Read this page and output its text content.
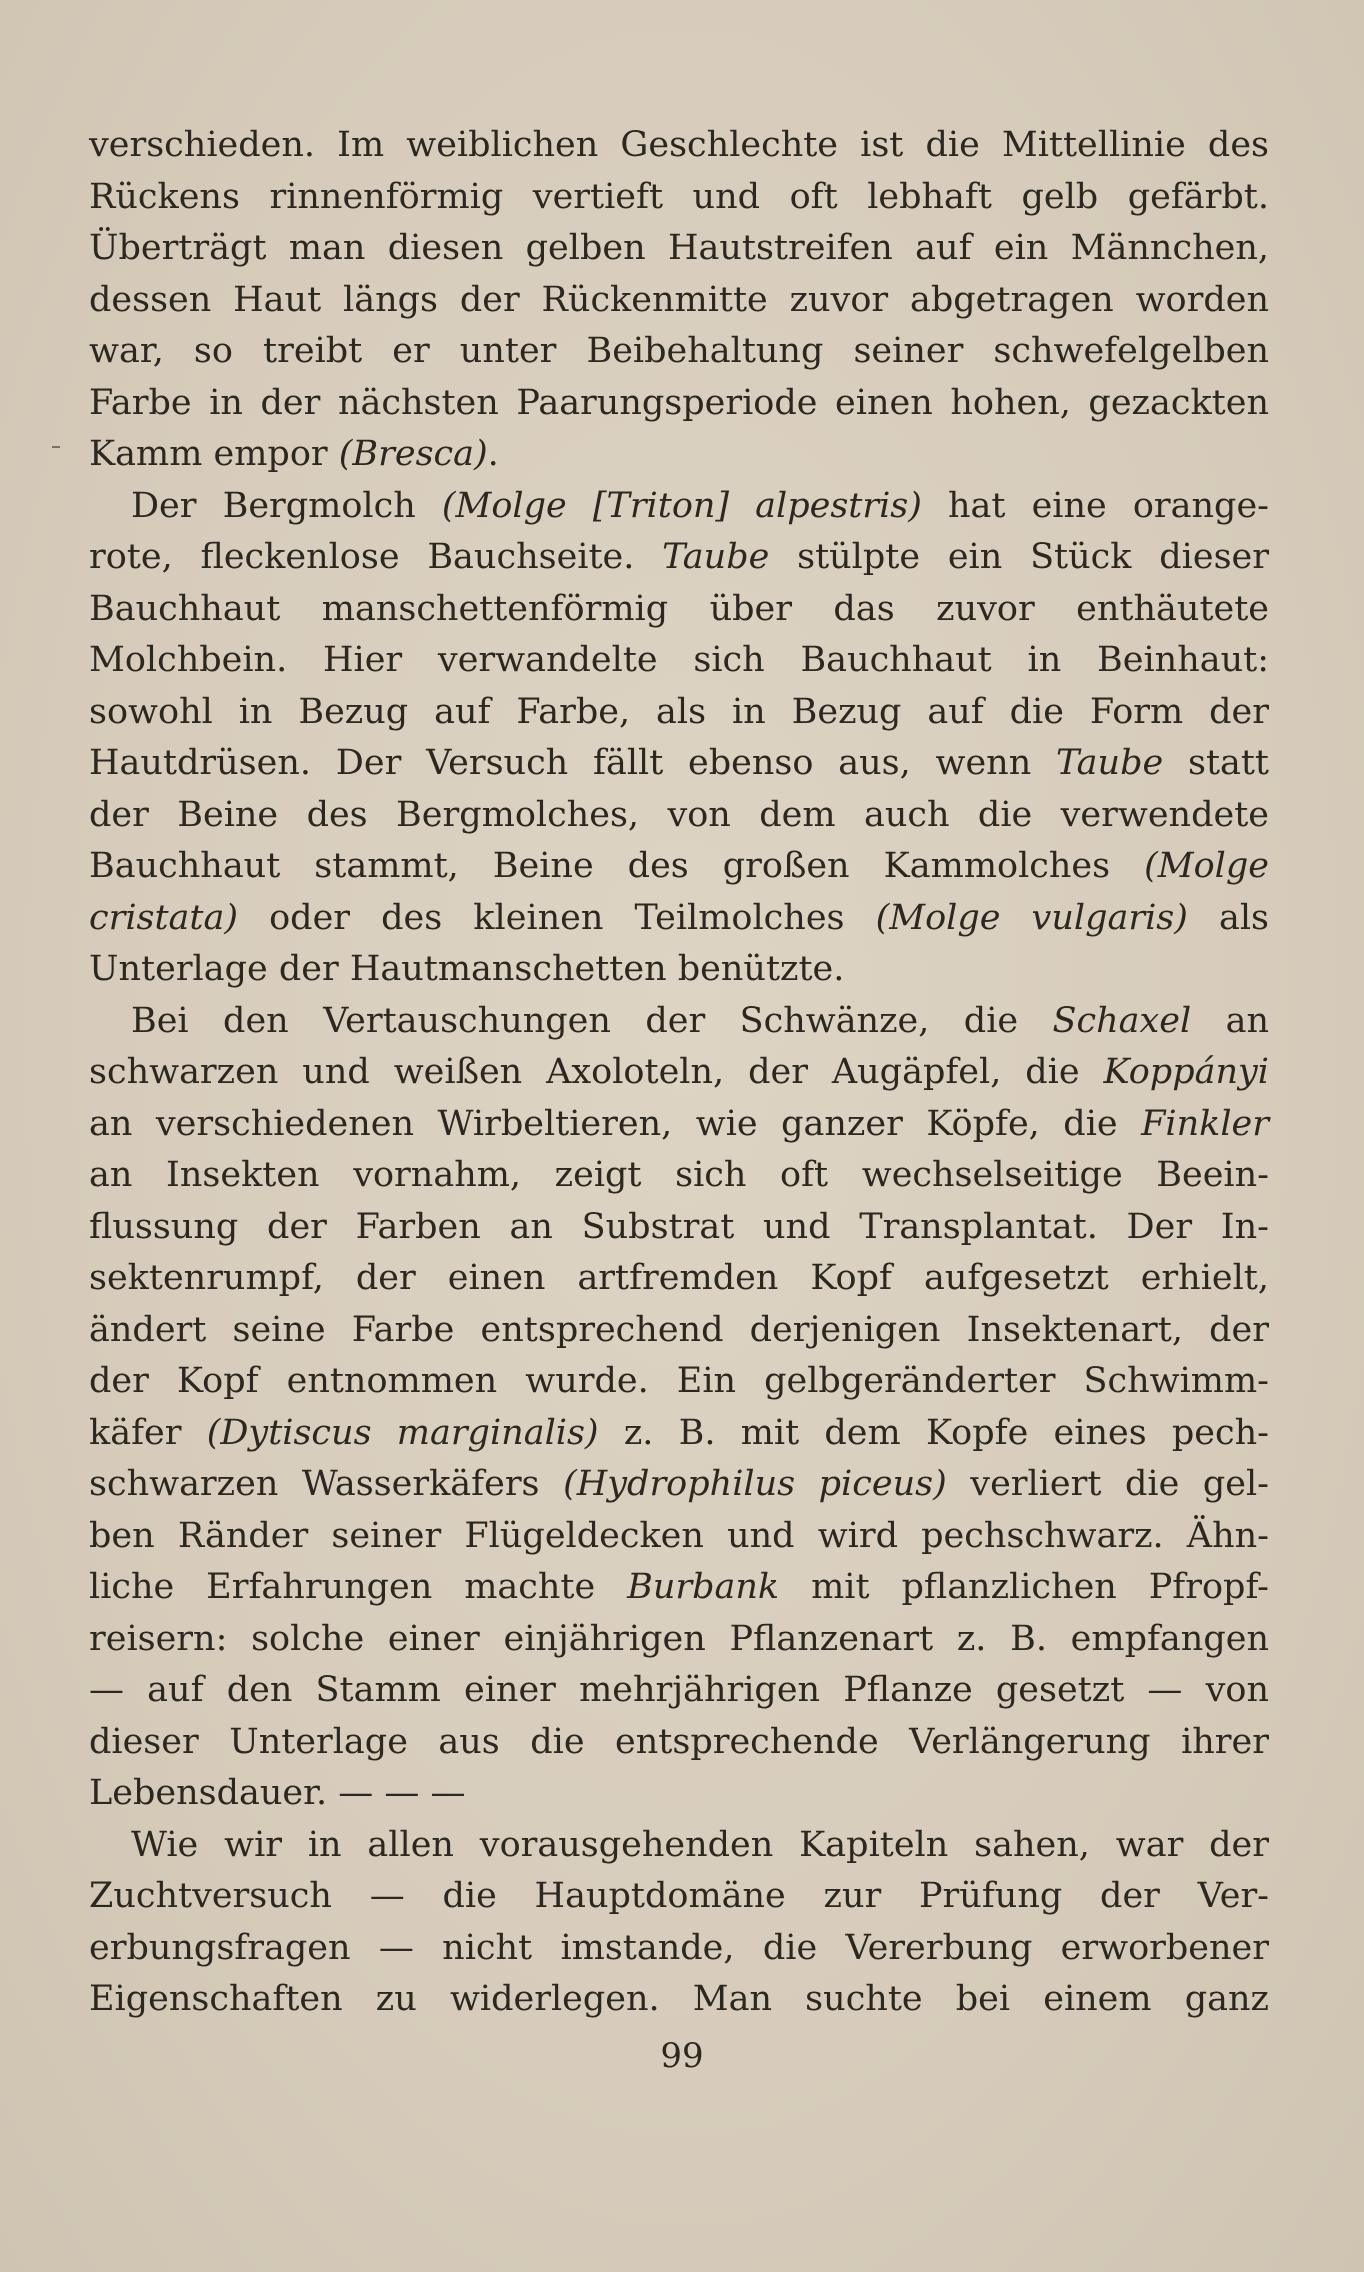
verschieden. Im weiblichen Geschlechte ist die Mittellinie des
Rückens rinnenförmig vertieft und oft lebhaft gelb gefärbt.
Überträgt man diesen gelben Hautstreifen auf ein Männchen,
dessen Haut längs der Rückenmitte zuvor abgetragen worden
war, so treibt er unter Beibehaltung seiner schwefelgelben
Farbe in der nächsten Paarungsperiode einen hohen, gezackten
Kamm empor (Bresca).
Der Bergmolch (Molge [Triton] alpestris) hat eine orange-
rote, fleckenlose Bauchseite. Taube stülpte ein Stück dieser
Bauchhaut manschettenförmig über das zuvor enthäutete
Molchbein. Hier verwandelte sich Bauchhaut in Beinhaut:
sowohl in Bezug auf Farbe, als in Bezug auf die Form der
Hautdrüsen. Der Versuch fällt ebenso aus, wenn Taube statt
der Beine des Bergmolches, von dem auch die verwendete
Bauchhaut stammt, Beine des großen Kammolches (Molge
cristata) oder des kleinen Teilmolches (Molge vulgaris) als
Unterlage der Hautmanschetten benützte.
Bei den Vertauschungen der Schwänze, die Schaxel an
schwarzen und weißen Axoloteln, der Augäpfel, die Koppányi
an verschiedenen Wirbeltieren, wie ganzer Köpfe, die Finkler
an Insekten vornahm, zeigt sich oft wechselseitige Beein-
flussung der Farben an Substrat und Transplantat. Der In-
sektenrumpf, der einen artfremden Kopf aufgesetzt erhielt,
ändert seine Farbe entsprechend derjenigen Insektenart, der
der Kopf entnommen wurde. Ein gelbgeränderter Schwimm-
käfer (Dytiscus marginalis) z. B. mit dem Kopfe eines pech-
schwarzen Wasserkäfers (Hydrophilus piceus) verliert die gel-
ben Ränder seiner Flügeldecken und wird pechschwarz. Ähn-
liche Erfahrungen machte Burbank mit pflanzlichen Pfropf-
reisern: solche einer einjährigen Pflanzenart z. B. empfangen
— auf den Stamm einer mehrjährigen Pflanze gesetzt — von
dieser Unterlage aus die entsprechende Verlängerung ihrer
Lebensdauer. — — —
Wie wir in allen vorausgehenden Kapiteln sahen, war der
Zuchtversuch — die Hauptdomäne zur Prüfung der Ver-
erbungsfragen — nicht imstande, die Vererbung erworbener
Eigenschaften zu widerlegen. Man suchte bei einem ganz
99
